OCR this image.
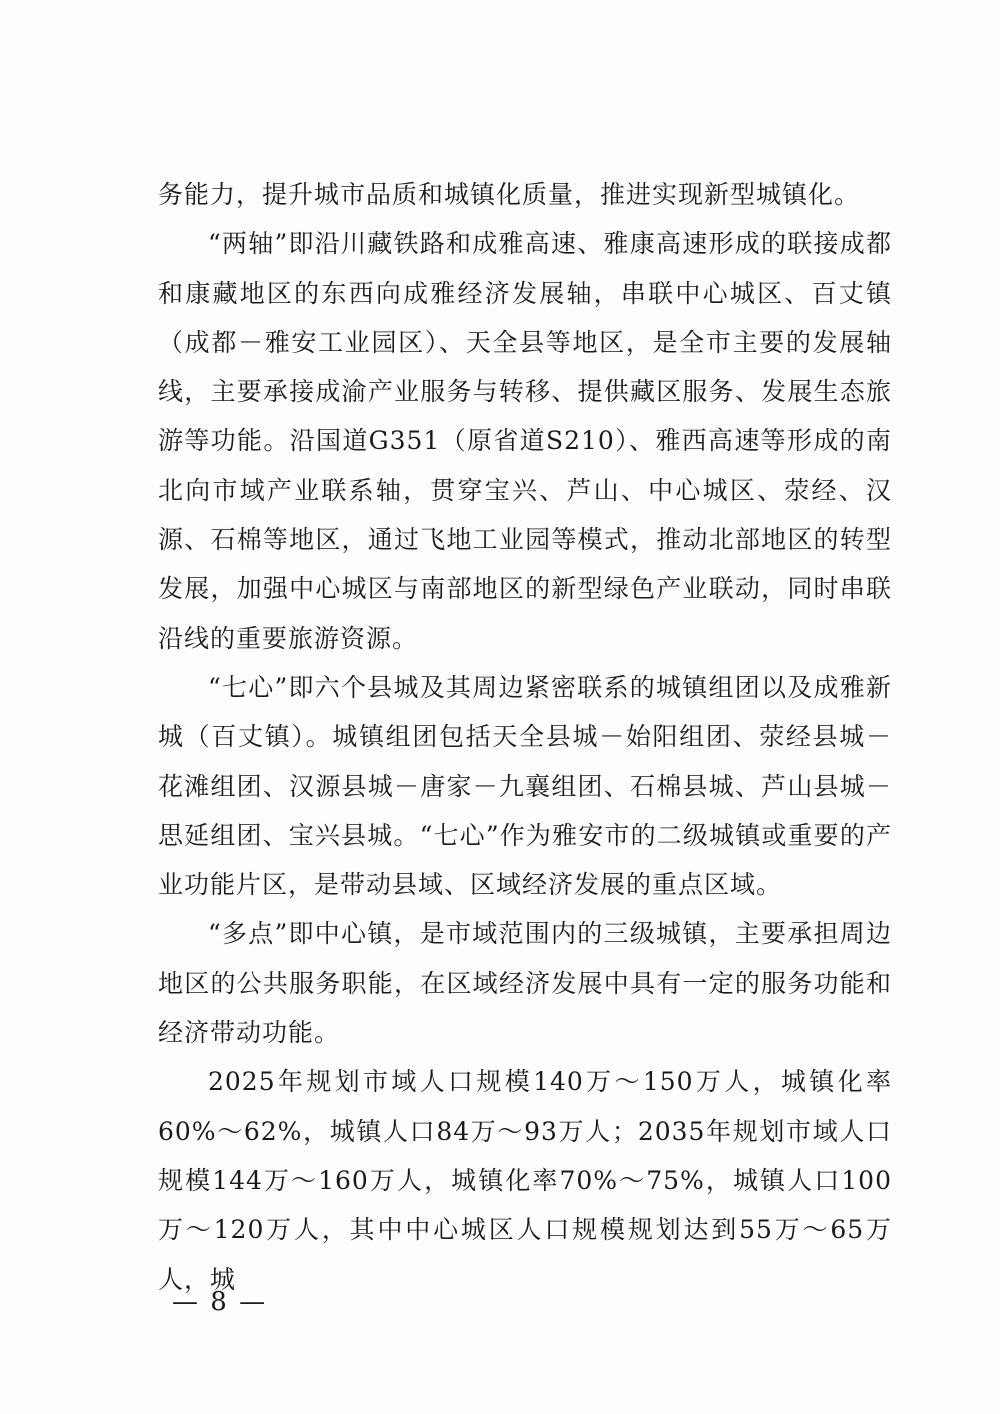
务能力，提升城市品质和城镇化质量，推进实现新型城镇化。

“两轴”即沿川藏铁路和成雅高速、雅康高速形成的联接成都和康藏地区的东西向成雅经济发展轴，串联中心城区、百丈镇（成都－雅安工业园区）、天全县等地区，是全市主要的发展轴线，主要承接成渝产业服务与转移、提供藏区服务、发展生态旅游等功能。沿国道G351（原省道S210）、雅西高速等形成的南北向市域产业联系轴，贯穿宝兴、芦山、中心城区、荥经、汉源、石棉等地区，通过飞地工业园等模式，推动北部地区的转型发展，加强中心城区与南部地区的新型绿色产业联动，同时串联沿线的重要旅游资源。

“七心”即六个县城及其周边紧密联系的城镇组团以及成雅新城（百丈镇）。城镇组团包括天全县城－始阳组团、荥经县城－花滩组团、汉源县城－唐家－九襄组团、石棉县城、芦山县城－思延组团、宝兴县城。“七心”作为雅安市的二级城镇或重要的产业功能片区，是带动县域、区域经济发展的重点区域。

“多点”即中心镇，是市域范围内的三级城镇，主要承担周边地区的公共服务职能，在区域经济发展中具有一定的服务功能和经济带动功能。

2025年规划市域人口规模140万～150万人，城镇化率60%～62%，城镇人口84万～93万人；2035年规划市域人口规模144万～160万人，城镇化率70%～75%，城镇人口100万～120万人，其中中心城区人口规模规划达到55万～65万人，城

— 8 —
